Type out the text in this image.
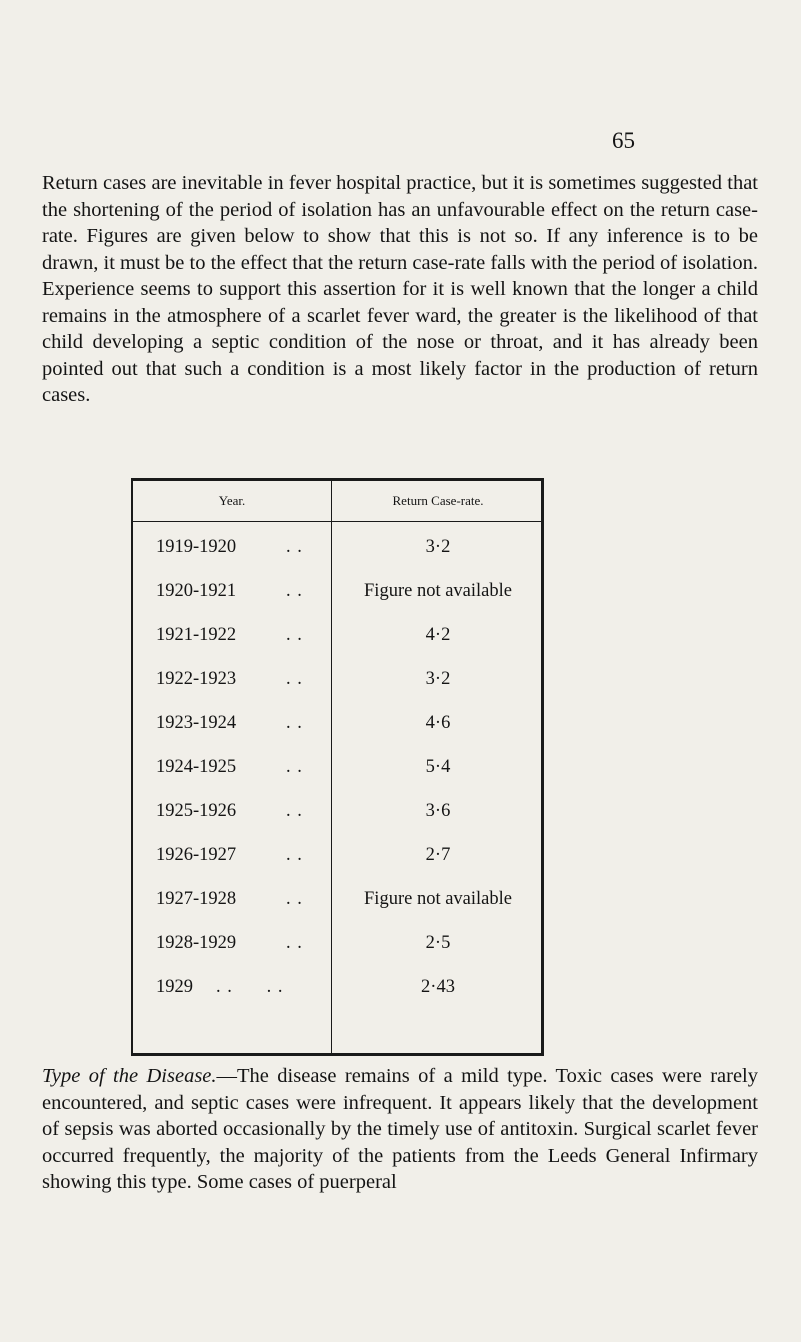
65

Return cases are inevitable in fever hospital practice, but it is sometimes suggested that the shortening of the period of isolation has an unfavourable effect on the return case-rate. Figures are given below to show that this is not so. If any inference is to be drawn, it must be to the effect that the return case-rate falls with the period of isolation. Experience seems to support this assertion for it is well known that the longer a child remains in the atmosphere of a scarlet fever ward, the greater is the likelihood of that child developing a septic condition of the nose or throat, and it has already been pointed out that such a condition is a most likely factor in the production of return cases.

Year.	Return Case-rate.
1919-1920	. .	3·2
1920-1921	. .	Figure not available
1921-1922	. .	4·2
1922-1923	. .	3·2
1923-1924	. .	4·6
1924-1925	. .	5·4
1925-1926	. .	3·6
1926-1927	. .	2·7
1927-1928	. .	Figure not available
1928-1929	. .	2·5
1929 . .      . .	2·43

Type of the Disease.—The disease remains of a mild type. Toxic cases were rarely encountered, and septic cases were infrequent. It appears likely that the development of sepsis was aborted occasionally by the timely use of antitoxin. Surgical scarlet fever occurred frequently, the majority of the patients from the Leeds General Infirmary showing this type. Some cases of puerperal
